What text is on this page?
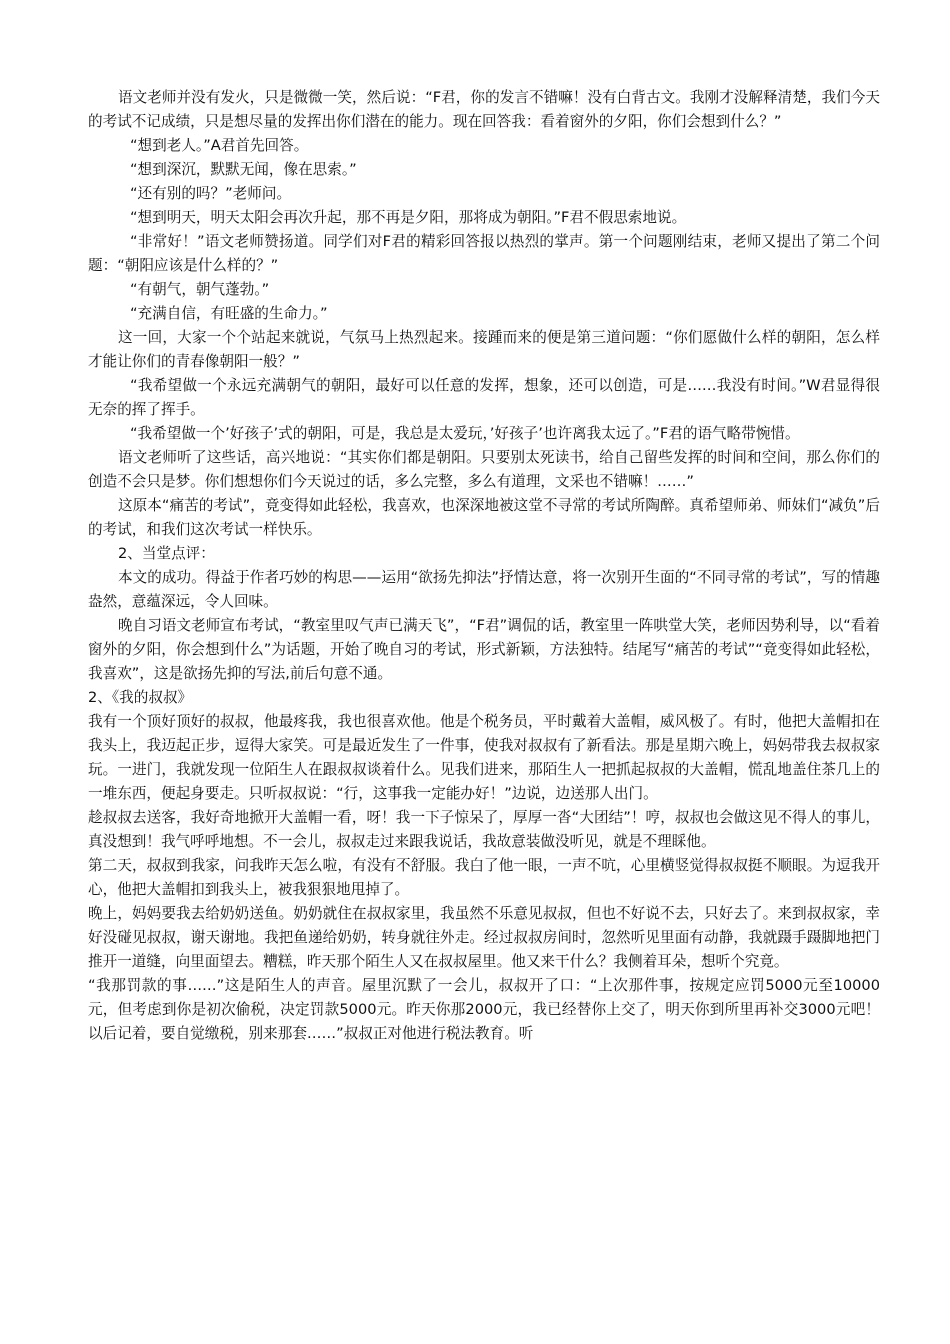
语文老师并没有发火，只是微微一笑，然后说：“F君，你的发言不错嘛！没有白背古文。我刚才没解释清楚，我们今天的考试不记成绩，只是想尽量的发挥出你们潜在的能力。现在回答我：看着窗外的夕阳，你们会想到什么？”

“想到老人。”A君首先回答。

“想到深沉，默默无闻，像在思索。”

“还有别的吗？”老师问。

“想到明天，明天太阳会再次升起，那不再是夕阳，那将成为朝阳。”F君不假思索地说。

“非常好！”语文老师赞扬道。同学们对F君的精彩回答报以热烈的掌声。第一个问题刚结束，老师又提出了第二个问题：“朝阳应该是什么样的？”

“有朝气，朝气蓬勃。”

“充满自信，有旺盛的生命力。”

这一回，大家一个个站起来就说，气氛马上热烈起来。接踵而来的便是第三道问题：“你们愿做什么样的朝阳，怎么样才能让你们的青春像朝阳一般？”

“我希望做一个永远充满朝气的朝阳，最好可以任意的发挥，想象，还可以创造，可是……我没有时间。”W君显得很无奈的挥了挥手。

“我希望做一个’好孩子’式的朝阳，可是，我总是太爱玩，’好孩子’也许离我太远了。”F君的语气略带惋惜。

语文老师听了这些话，高兴地说：“其实你们都是朝阳。只要别太死读书，给自己留些发挥的时间和空间，那么你们的创造不会只是梦。你们想想你们今天说过的话，多么完整，多么有道理，文采也不错嘛！……”

这原本“痛苦的考试”，竟变得如此轻松，我喜欢，也深深地被这堂不寻常的考试所陶醉。真希望师弟、师妹们“减负”后的考试，和我们这次考试一样快乐。

2、当堂点评：

本文的成功。得益于作者巧妙的构思——运用“欲扬先抑法”抒情达意，将一次别开生面的“不同寻常的考试”，写的情趣盎然，意蕴深远，令人回味。

晚自习语文老师宣布考试，“教室里叹气声已满天飞”，“F君”调侃的话，教室里一阵哄堂大笑，老师因势利导，以“看着窗外的夕阳，你会想到什么”为话题，开始了晚自习的考试，形式新颖，方法独特。结尾写“痛苦的考试”“竟变得如此轻松，我喜欢”，这是欲扬先抑的写法,前后句意不通。

2、《我的叔叔》

我有一个顶好顶好的叔叔，他最疼我，我也很喜欢他。他是个税务员，平时戴着大盖帽，威风极了。有时，他把大盖帽扣在我头上，我迈起正步，逗得大家笑。可是最近发生了一件事，使我对叔叔有了新看法。那是星期六晚上，妈妈带我去叔叔家玩。一进门，我就发现一位陌生人在跟叔叔谈着什么。见我们进来，那陌生人一把抓起叔叔的大盖帽，慌乱地盖住茶几上的一堆东西，便起身要走。只听叔叔说：“行，这事我一定能办好！”边说，边送那人出门。

趁叔叔去送客，我好奇地掀开大盖帽一看，呀！我一下子惊呆了，厚厚一沓“大团结”！哼，叔叔也会做这见不得人的事儿，真没想到！我气呼呼地想。不一会儿，叔叔走过来跟我说话，我故意装做没听见，就是不理睬他。

第二天，叔叔到我家，问我昨天怎么啦，有没有不舒服。我白了他一眼，一声不吭，心里横竖觉得叔叔挺不顺眼。为逗我开心，他把大盖帽扣到我头上，被我狠狠地甩掉了。

晚上，妈妈要我去给奶奶送鱼。奶奶就住在叔叔家里，我虽然不乐意见叔叔，但也不好说不去，只好去了。来到叔叔家，幸好没碰见叔叔，谢天谢地。我把鱼递给奶奶，转身就往外走。经过叔叔房间时，忽然听见里面有动静，我就蹑手蹑脚地把门推开一道缝，向里面望去。糟糕，昨天那个陌生人又在叔叔屋里。他又来干什么？我侧着耳朵，想听个究竟。

“我那罚款的事……”这是陌生人的声音。屋里沉默了一会儿，叔叔开了口：“上次那件事，按规定应罚5000元至10000元，但考虑到你是初次偷税，决定罚款5000元。昨天你那2000元，我已经替你上交了，明天你到所里再补交3000元吧！以后记着，要自觉缴税，别来那套……”叔叔正对他进行税法教育。听
